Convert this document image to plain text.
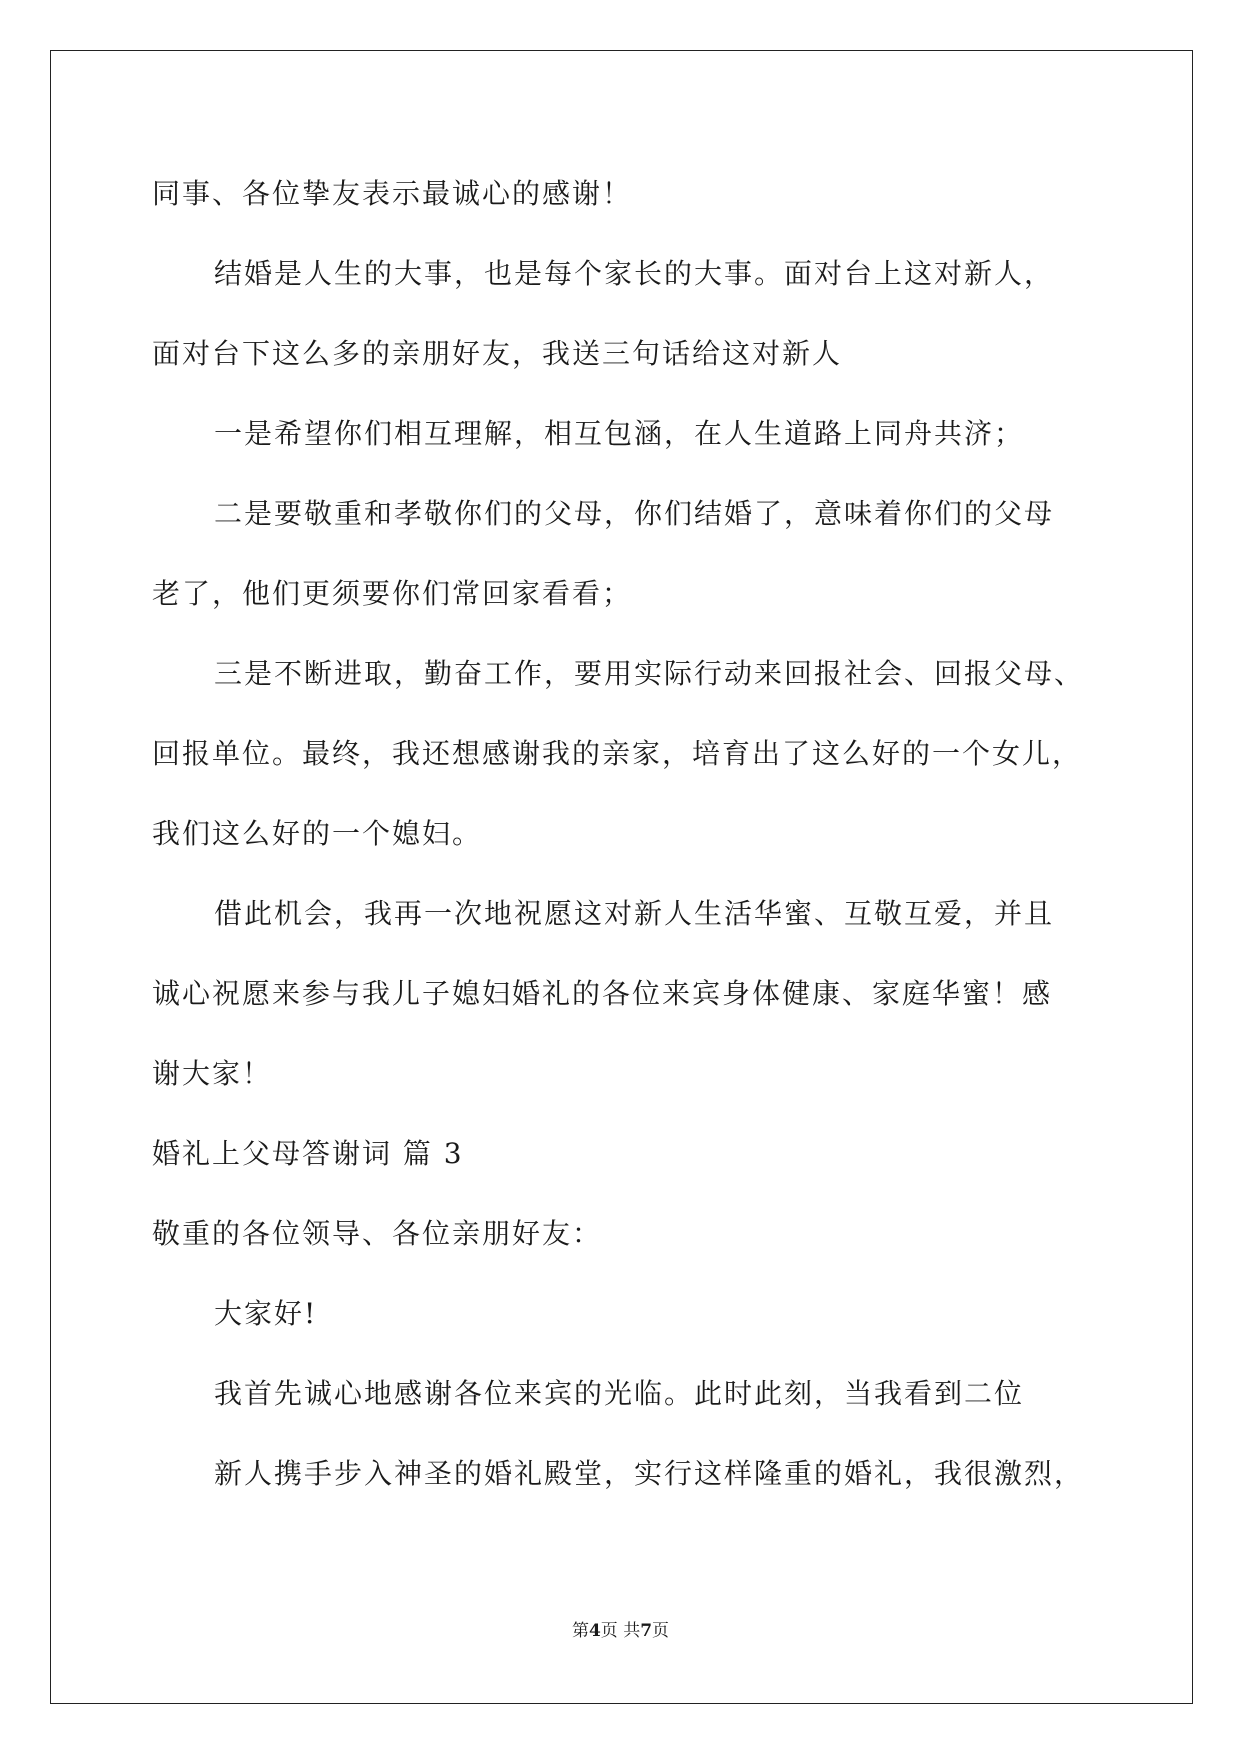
同事、各位挚友表示最诚心的感谢！
结婚是人生的大事，也是每个家长的大事。面对台上这对新人，
面对台下这么多的亲朋好友，我送三句话给这对新人
一是希望你们相互理解，相互包涵，在人生道路上同舟共济；
二是要敬重和孝敬你们的父母，你们结婚了，意味着你们的父母
老了，他们更须要你们常回家看看；
三是不断进取，勤奋工作，要用实际行动来回报社会、回报父母、
回报单位。最终，我还想感谢我的亲家，培育出了这么好的一个女儿，
我们这么好的一个媳妇。
借此机会，我再一次地祝愿这对新人生活华蜜、互敬互爱，并且
诚心祝愿来参与我儿子媳妇婚礼的各位来宾身体健康、家庭华蜜！感
谢大家！
婚礼上父母答谢词 篇 3
敬重的各位领导、各位亲朋好友：
大家好!
我首先诚心地感谢各位来宾的光临。此时此刻，当我看到二位
新人携手步入神圣的婚礼殿堂，实行这样隆重的婚礼，我很激烈，
第4页 共7页
